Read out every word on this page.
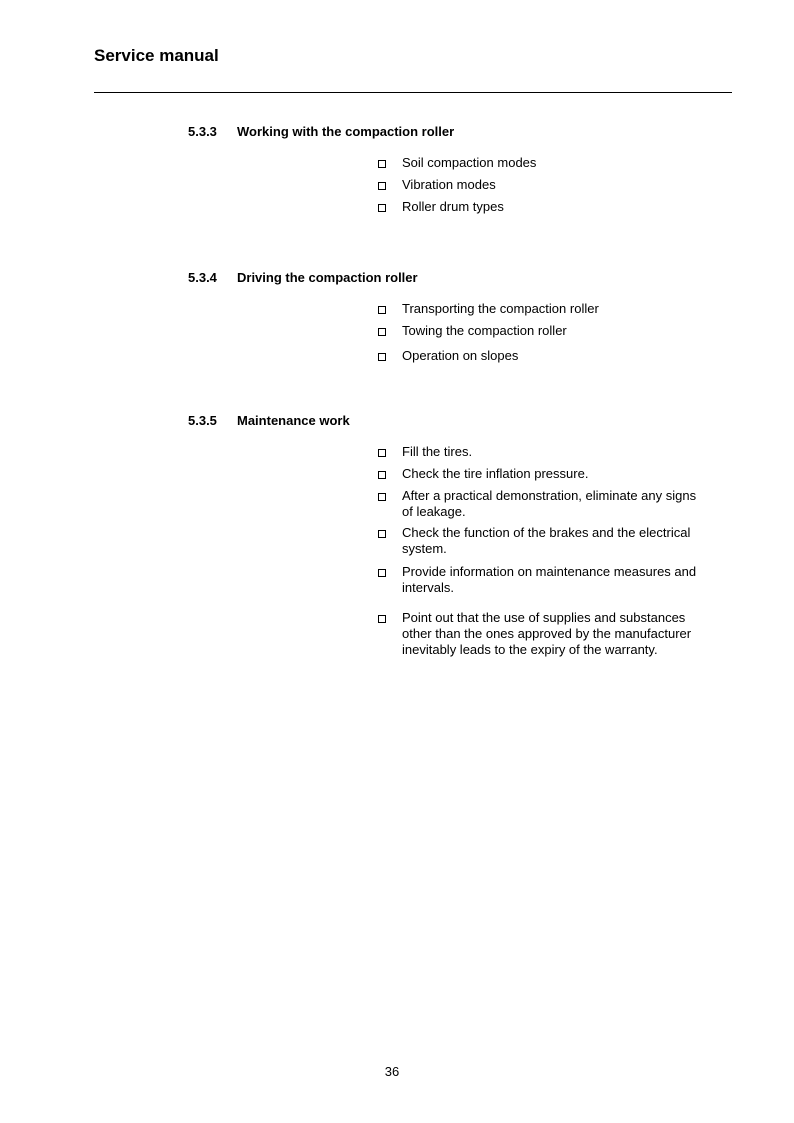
Service manual
5.3.3 Working with the compaction roller
Soil compaction modes
Vibration modes
Roller drum types
5.3.4 Driving the compaction roller
Transporting the compaction roller
Towing the compaction roller
Operation on slopes
5.3.5 Maintenance work
Fill the tires.
Check the tire inflation pressure.
After a practical demonstration, eliminate any signs of leakage.
Check the function of the brakes and the electrical system.
Provide information on maintenance measures and intervals.
Point out that the use of supplies and substances other than the ones approved by the manufacturer inevitably leads to the expiry of the warranty.
36
